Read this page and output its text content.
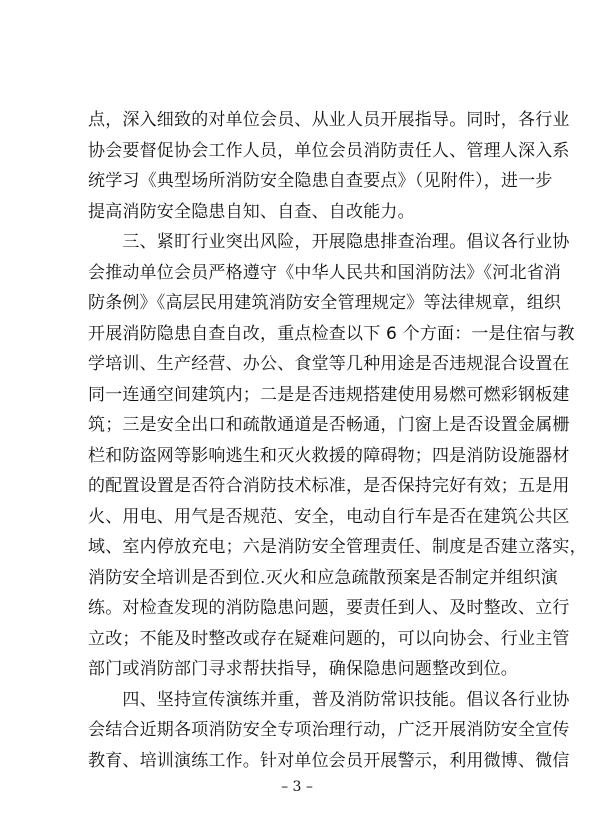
点，深入细致的对单位会员、从业人员开展指导。同时，各行业
协会要督促协会工作人员，单位会员消防责任人、管理人深入系
统学习《典型场所消防安全隐患自查要点》（见附件），进一步
提高消防安全隐患自知、自查、自改能力。
　　三、紧盯行业突出风险，开展隐患排查治理。倡议各行业协
会推动单位会员严格遵守《中华人民共和国消防法》《河北省消
防条例》《高层民用建筑消防安全管理规定》等法律规章，组织
开展消防隐患自查自改，重点检查以下 6 个方面：一是住宿与教
学培训、生产经营、办公、食堂等几种用途是否违规混合设置在
同一连通空间建筑内；二是是否违规搭建使用易燃可燃彩钢板建
筑；三是安全出口和疏散通道是否畅通，门窗上是否设置金属栅
栏和防盗网等影响逃生和灭火救援的障碍物；四是消防设施器材
的配置设置是否符合消防技术标准，是否保持完好有效；五是用
火、用电、用气是否规范、安全，电动自行车是否在建筑公共区
域、室内停放充电；六是消防安全管理责任、制度是否建立落实，
消防安全培训是否到位.灭火和应急疏散预案是否制定并组织演
练。对检查发现的消防隐患问题，要责任到人、及时整改、立行
立改；不能及时整改或存在疑难问题的，可以向协会、行业主管
部门或消防部门寻求帮扶指导，确保隐患问题整改到位。
　　四、坚持宣传演练并重，普及消防常识技能。倡议各行业协
会结合近期各项消防安全专项治理行动，广泛开展消防安全宣传
教育、培训演练工作。针对单位会员开展警示，利用微博、微信
– 3 –
